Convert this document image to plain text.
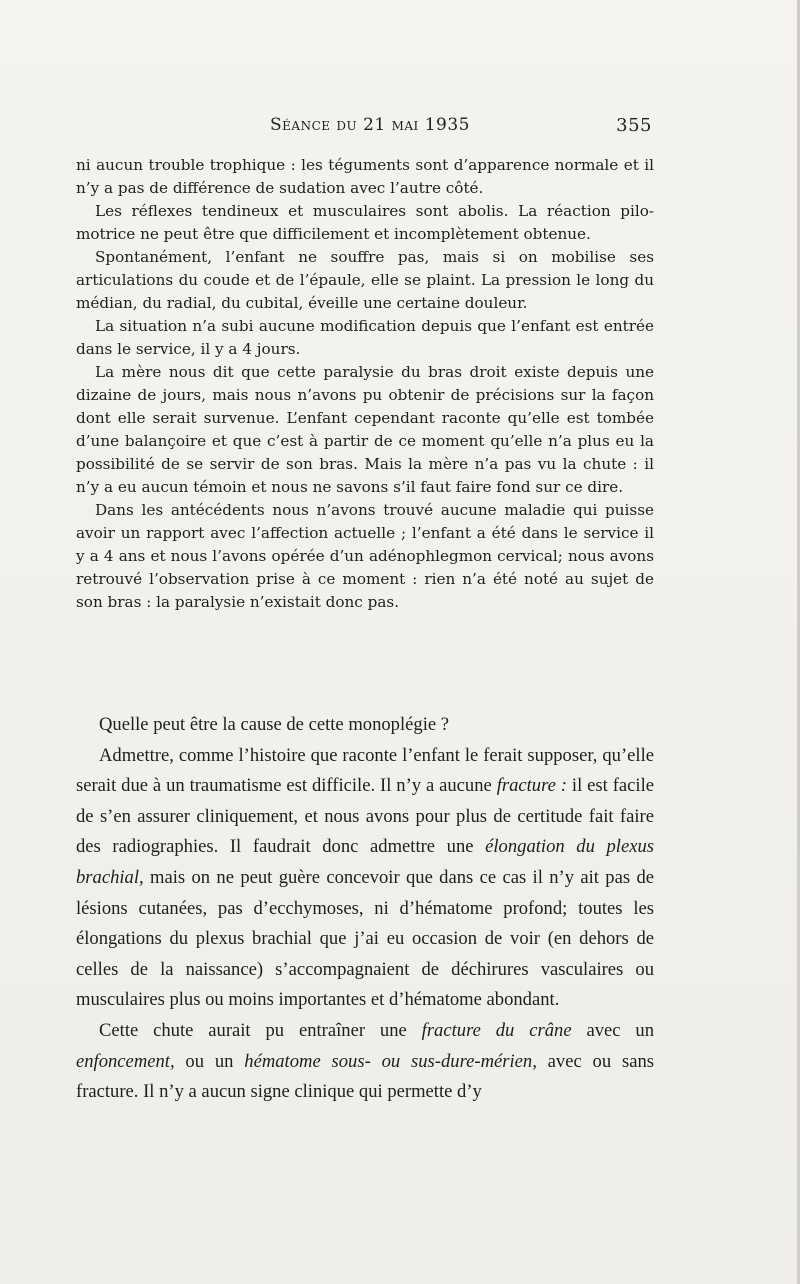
Séance du 21 mai 1935	355

ni aucun trouble trophique : les téguments sont d’apparence normale et il n’y a pas de différence de sudation avec l’autre côté.

Les réflexes tendineux et musculaires sont abolis. La réaction pilo-motrice ne peut être que difficilement et incomplètement obtenue.

Spontanément, l’enfant ne souffre pas, mais si on mobilise ses articulations du coude et de l’épaule, elle se plaint. La pression le long du médian, du radial, du cubital, éveille une certaine douleur.

La situation n’a subi aucune modification depuis que l’enfant est entrée dans le service, il y a 4 jours.

La mère nous dit que cette paralysie du bras droit existe depuis une dizaine de jours, mais nous n’avons pu obtenir de précisions sur la façon dont elle serait survenue. L’enfant cependant raconte qu’elle est tombée d’une balançoire et que c’est à partir de ce moment qu’elle n’a plus eu la possibilité de se servir de son bras. Mais la mère n’a pas vu la chute : il n’y a eu aucun témoin et nous ne savons s’il faut faire fond sur ce dire.

Dans les antécédents nous n’avons trouvé aucune maladie qui puisse avoir un rapport avec l’affection actuelle ; l’enfant a été dans le service il y a 4 ans et nous l’avons opérée d’un adénophlegmon cervical; nous avons retrouvé l’observation prise à ce moment : rien n’a été noté au sujet de son bras : la paralysie n’existait donc pas.

Quelle peut être la cause de cette monoplégie ?

Admettre, comme l’histoire que raconte l’enfant le ferait supposer, qu’elle serait due à un traumatisme est difficile. Il n’y a aucune fracture : il est facile de s’en assurer cliniquement, et nous avons pour plus de certitude fait faire des radiographies. Il faudrait donc admettre une élongation du plexus brachial, mais on ne peut guère concevoir que dans ce cas il n’y ait pas de lésions cutanées, pas d’ecchymoses, ni d’hématome profond; toutes les élongations du plexus brachial que j’ai eu occasion de voir (en dehors de celles de la naissance) s’accompagnaient de déchirures vasculaires ou musculaires plus ou moins importantes et d’hématome abondant.

Cette chute aurait pu entraîner une fracture du crâne avec un enfoncement, ou un hématome sous- ou sus-dure-mérien, avec ou sans fracture. Il n’y a aucun signe clinique qui permette d’y
